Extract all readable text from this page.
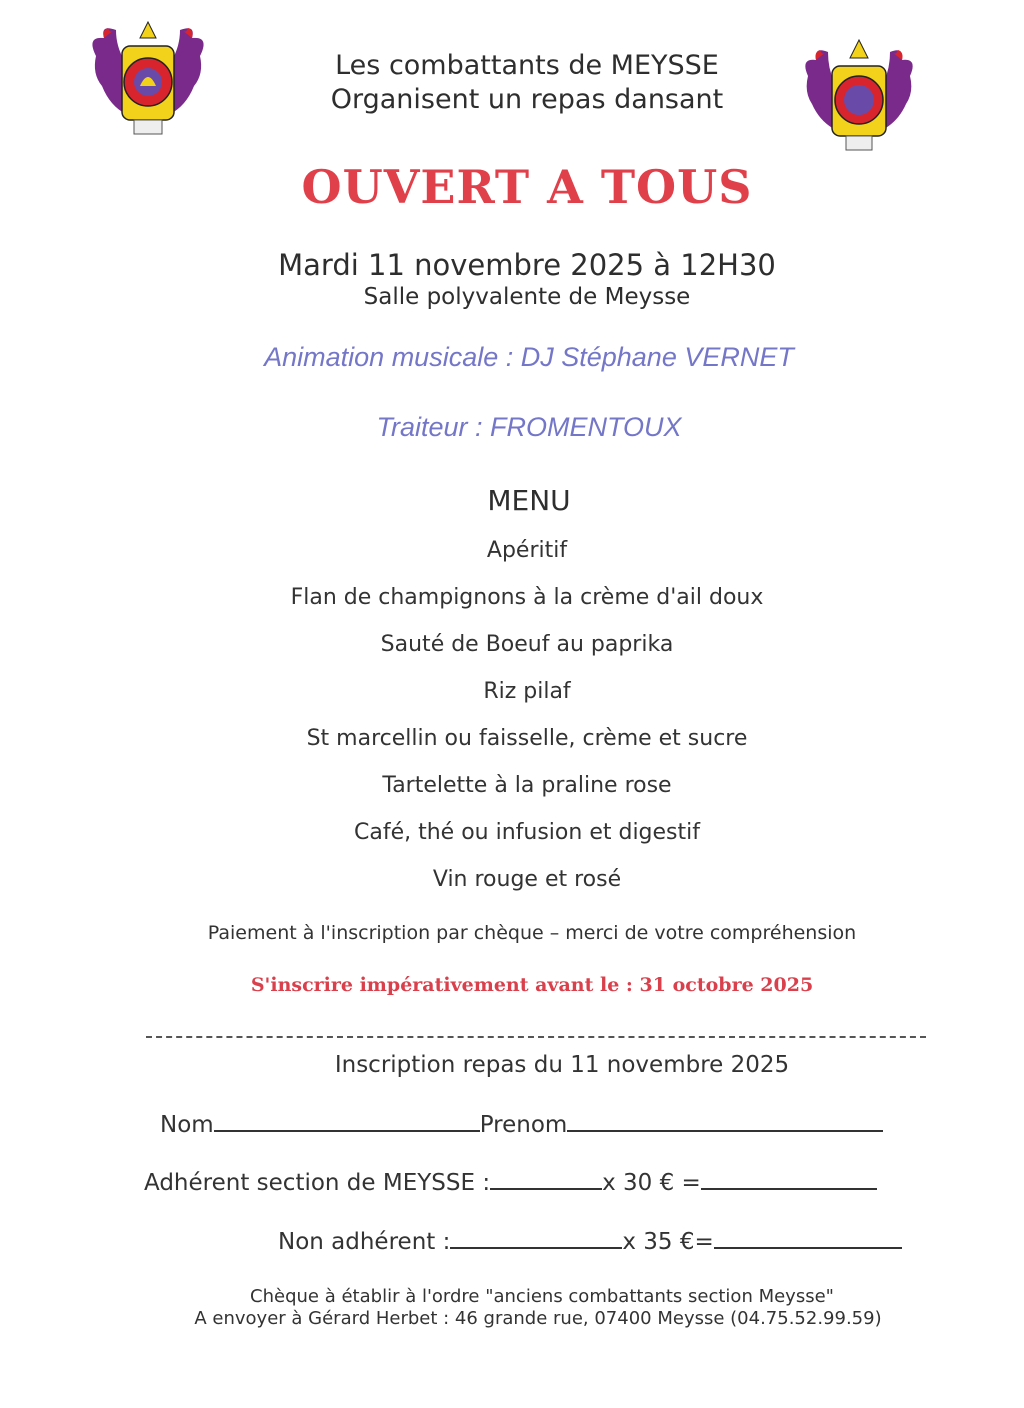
Les combattants de MEYSSE
Organisent un repas dansant
OUVERT A TOUS
Mardi 11 novembre 2025 à 12H30
Salle polyvalente de Meysse
Animation musicale : DJ Stéphane VERNET
Traiteur : FROMENTOUX
MENU
Apéritif
Flan de champignons à la crème d'ail doux
Sauté de Boeuf au paprika
Riz pilaf
St marcellin ou faisselle, crème et sucre
Tartelette à la praline rose
Café, thé ou infusion et digestif
Vin rouge et rosé
Paiement à l'inscription par chèque – merci de votre compréhension
S'inscrire impérativement avant le : 31 octobre 2025
Inscription repas du 11 novembre 2025
Nom	Prenom
Adhérent section de MEYSSE :	x 30 € =
Non adhérent :	x 35 €=
Chèque à établir à l'ordre "anciens combattants section Meysse"
A envoyer à Gérard Herbet : 46 grande rue, 07400 Meysse (04.75.52.99.59)
